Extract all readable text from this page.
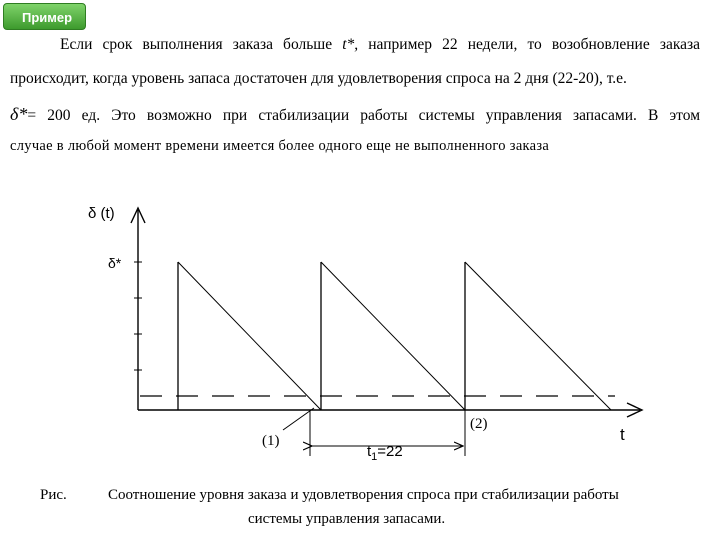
Пример
Если срок выполнения заказа больше t*, например 22 недели, то возобновление заказа
происходит, когда уровень запаса достаточен для удовлетворения спроса на 2 дня (22-20), т.е.
δ*= 200 ед. Это возможно при стабилизации работы системы управления запасами. В этом
случае в любой момент времени имеется более одного еще не выполненного заказа
δ (t)
δ*
t
(1)
(2)
$t_1=22$
Рис.	Соотношение уровня заказа и удовлетворения спроса при стабилизации работы
системы управления запасами.
